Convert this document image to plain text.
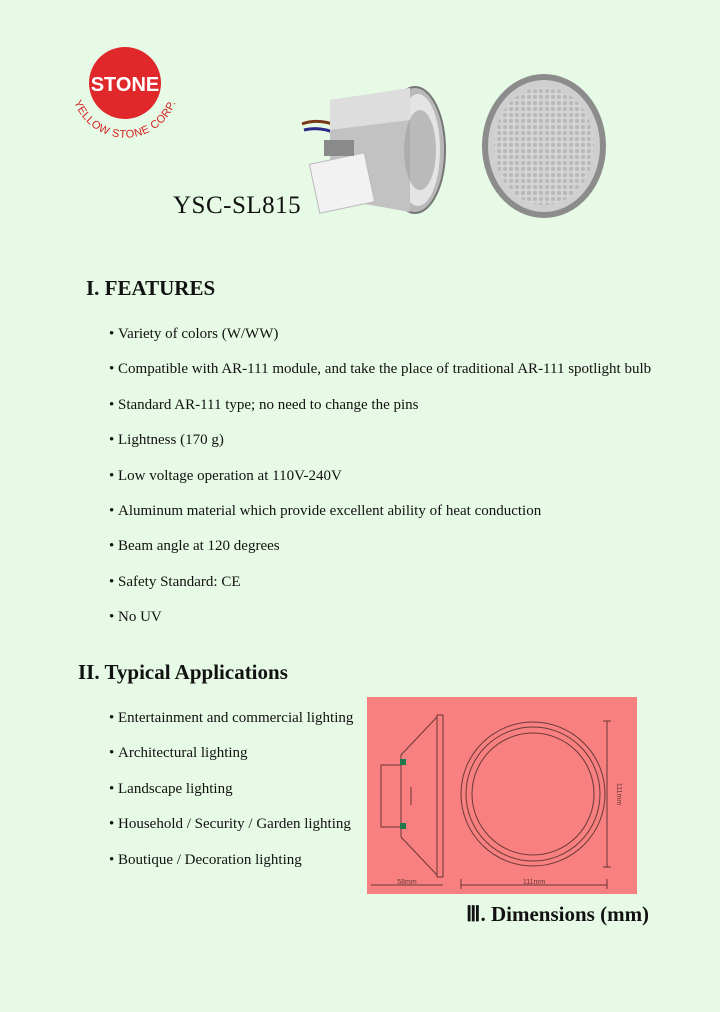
STONE
YELLOW STONE CORP.
YSC-SL815
I. FEATURES
• Variety of colors (W/WW)
• Compatible with AR-111 module, and take the place of traditional AR-111 spotlight bulb
• Standard AR-111 type; no need to change the pins
• Lightness (170 g)
• Low voltage operation at 110V-240V
• Aluminum material which provide excellent ability of heat conduction
• Beam angle at 120 degrees
• Safety Standard: CE
• No UV
II. Typical Applications
• Entertainment and commercial lighting
• Architectural lighting
• Landscape lighting
• Household / Security / Garden lighting
• Boutique / Decoration lighting
58mm	111mm
111mm
Ⅲ. Dimensions (mm)
